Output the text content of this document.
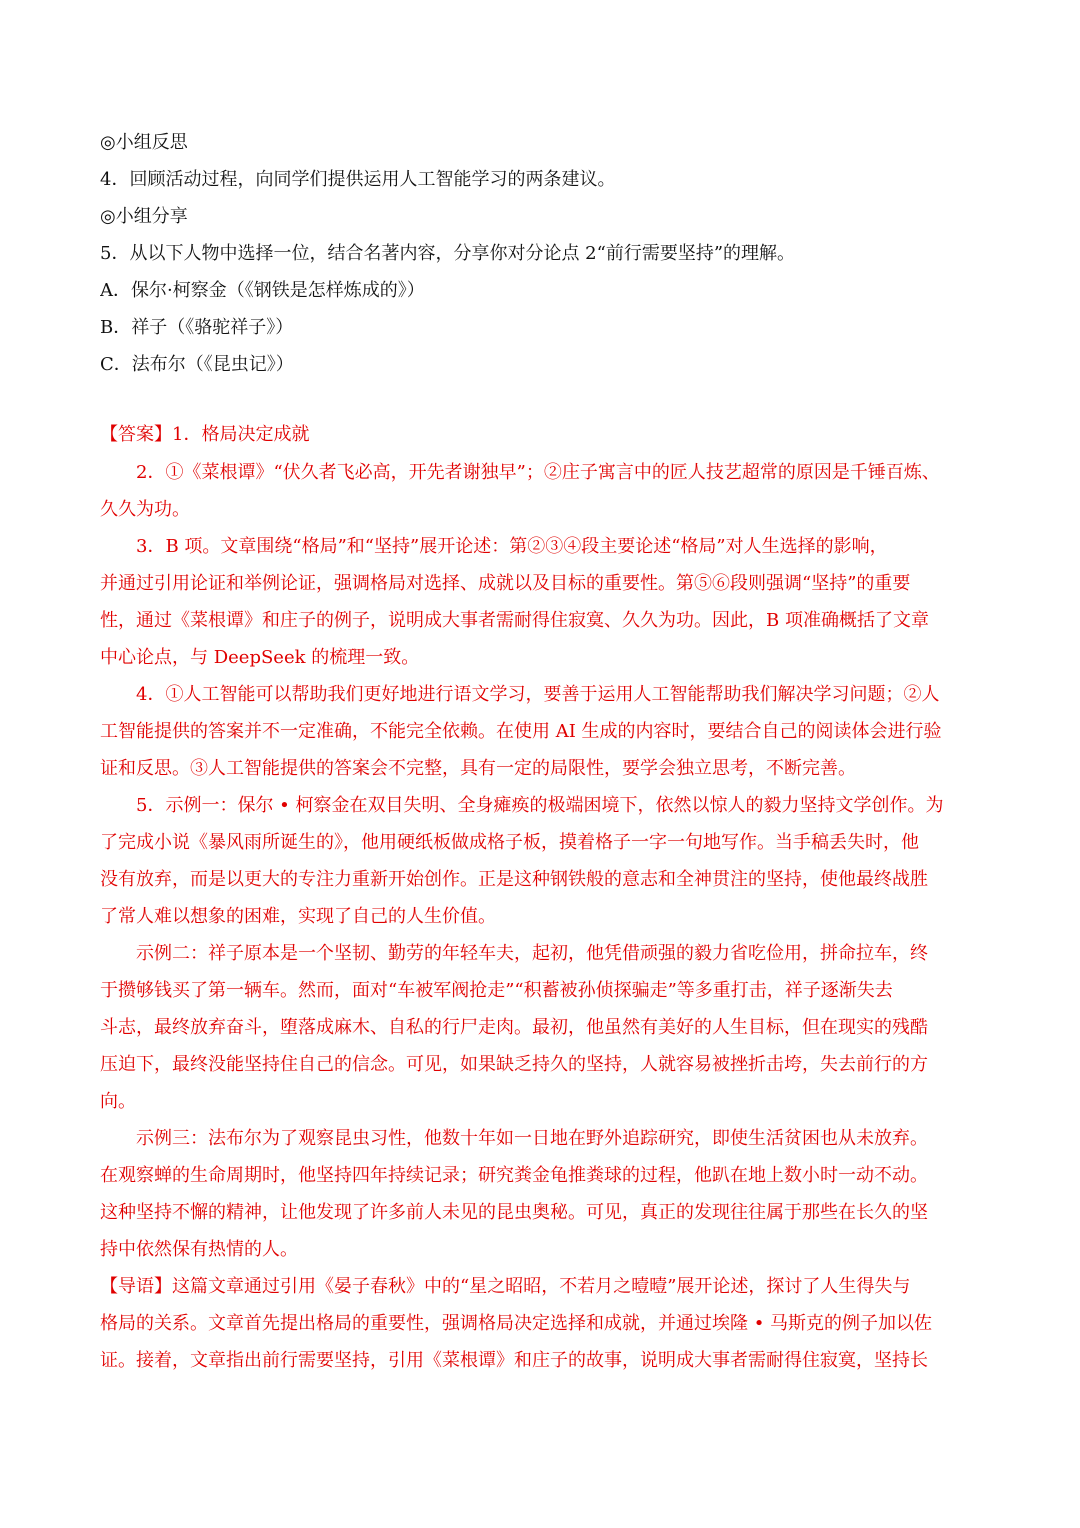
◎小组反思
4．回顾活动过程，向同学们提供运用人工智能学习的两条建议。
◎小组分享
5．从以下人物中选择一位，结合名著内容，分享你对分论点 2“前行需要坚持”的理解。
A．保尔·柯察金（《钢铁是怎样炼成的》）
B．祥子（《骆驼祥子》）
C．法布尔（《昆虫记》）
【答案】1．格局决定成就
2．①《菜根谭》“伏久者飞必高，开先者谢独早”；②庄子寓言中的匠人技艺超常的原因是千锤百炼、
久久为功。
3．B 项。文章围绕“格局”和“坚持”展开论述：第②③④段主要论述“格局”对人生选择的影响，
并通过引用论证和举例论证，强调格局对选择、成就以及目标的重要性。第⑤⑥段则强调“坚持”的重要
性，通过《菜根谭》和庄子的例子，说明成大事者需耐得住寂寞、久久为功。因此，B 项准确概括了文章
中心论点，与 DeepSeek 的梳理一致。
4．①人工智能可以帮助我们更好地进行语文学习，要善于运用人工智能帮助我们解决学习问题；②人
工智能提供的答案并不一定准确，不能完全依赖。在使用 AI 生成的内容时，要结合自己的阅读体会进行验
证和反思。③人工智能提供的答案会不完整，具有一定的局限性，要学会独立思考，不断完善。
5．示例一：保尔 • 柯察金在双目失明、全身瘫痪的极端困境下，依然以惊人的毅力坚持文学创作。为
了完成小说《暴风雨所诞生的》，他用硬纸板做成格子板，摸着格子一字一句地写作。当手稿丢失时，他
没有放弃，而是以更大的专注力重新开始创作。正是这种钢铁般的意志和全神贯注的坚持，使他最终战胜
了常人难以想象的困难，实现了自己的人生价值。
示例二：祥子原本是一个坚韧、勤劳的年轻车夫，起初，他凭借顽强的毅力省吃俭用，拼命拉车，终
于攒够钱买了第一辆车。然而，面对“车被军阀抢走”“积蓄被孙侦探骗走”等多重打击，祥子逐渐失去
斗志，最终放弃奋斗，堕落成麻木、自私的行尸走肉。最初，他虽然有美好的人生目标，但在现实的残酷
压迫下，最终没能坚持住自己的信念。可见，如果缺乏持久的坚持，人就容易被挫折击垮，失去前行的方
向。
示例三：法布尔为了观察昆虫习性，他数十年如一日地在野外追踪研究，即使生活贫困也从未放弃。
在观察蝉的生命周期时，他坚持四年持续记录；研究粪金龟推粪球的过程，他趴在地上数小时一动不动。
这种坚持不懈的精神，让他发现了许多前人未见的昆虫奥秘。可见，真正的发现往往属于那些在长久的坚
持中依然保有热情的人。
【导语】这篇文章通过引用《晏子春秋》中的“星之昭昭，不若月之曀曀”展开论述，探讨了人生得失与
格局的关系。文章首先提出格局的重要性，强调格局决定选择和成就，并通过埃隆 • 马斯克的例子加以佐
证。接着，文章指出前行需要坚持，引用《菜根谭》和庄子的故事，说明成大事者需耐得住寂寞，坚持长
